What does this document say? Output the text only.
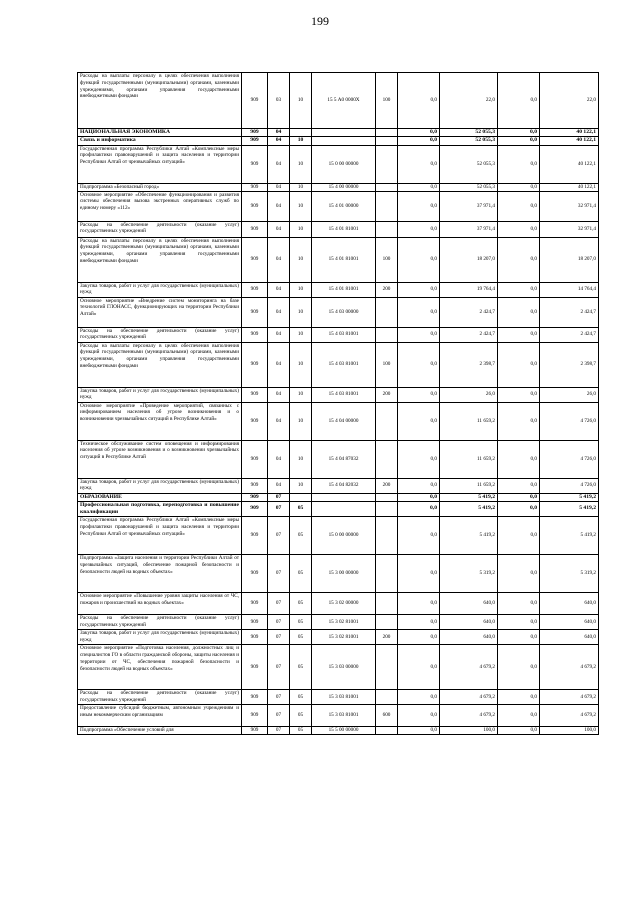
199
Расходы на выплаты персоналу в целях обеспечения выполнения функций государственными (муниципальными) органами, казенными учреждениями, органами управления государственными внебюджетными фондами	909	03	10	15 5 А0 0000Х	100	0,0	22,0	0,0	22,0
НАЦИОНАЛЬНАЯ ЭКОНОМИКА	909	04				0,0	52 055,3	0,0	40 122,1
Связь и информатика	909	04	10			0,0	52 055,3	0,0	40 122,1
Государственная программа Республики Алтай «Комплексные меры профилактики правонарушений и защита населения и территории Республики Алтай от чрезвычайных ситуаций»	909	04	10	15 0 00 00000		0,0	52 055,3	0,0	40 122,1
Подпрограмма «Безопасный город»	909	04	10	15 4 00 00000		0,0	52 055,3	0,0	40 122,1
Основное мероприятие «Обеспечение функционирования и развития системы обеспечения вызова экстренных оперативных служб по единому номеру «112»	909	04	10	15 4 01 00000		0,0	37 971,4	0,0	32 971,4
Расходы на обеспечение деятельности (оказание услуг) государственных учреждений	909	04	10	15 4 01 81001		0,0	37 971,4	0,0	32 971,4
Расходы на выплаты персоналу в целях обеспечения выполнения функций государственными (муниципальными) органами, казенными учреждениями, органами управления государственными внебюджетными фондами	909	04	10	15 4 01 81001	100	0,0	18 207,0	0,0	18 207,0
Закупка товаров, работ и услуг для государственных (муниципальных) нужд	909	04	10	15 4 01 81001	200	0,0	19 764,4	0,0	14 764,4
Основное мероприятие «Внедрение систем мониторинга на базе технологий ГЛОНАСС, функционирующих на территории Республики Алтай»	909	04	10	15 4 03 00000		0,0	2 424,7	0,0	2 424,7
Расходы на обеспечение деятельности (оказание услуг) государственных учреждений	909	04	10	15 4 03 81001		0,0	2 424,7	0,0	2 424,7
Расходы на выплаты персоналу в целях обеспечения выполнения функций государственными (муниципальными) органами, казенными учреждениями, органами управления государственными внебюджетными фондами	909	04	10	15 4 03 81001	100	0,0	2 398,7	0,0	2 398,7
Закупка товаров, работ и услуг для государственных (муниципальных) нужд	909	04	10	15 4 03 81001	200	0,0	26,0	0,0	26,0
Основное мероприятие «Проведение мероприятий, связанных с информированием населения об угрозе возникновения и о возникновении чрезвычайных ситуаций в Республике Алтай»	909	04	10	15 4 04 00000		0,0	11 659,2	0,0	4 726,0
Техническое обслуживание систем оповещения и информирования населения об угрозе возникновения и о возникновении чрезвычайных ситуаций в Республике Алтай	909	04	10	15 4 04 87032		0,0	11 659,2	0,0	4 726,0
Закупка товаров, работ и услуг для государственных (муниципальных) нужд	909	04	10	15 4 04 82032	200	0,0	11 659,2	0,0	4 726,0
ОБРАЗОВАНИЕ	909	07				0,0	5 419,2	0,0	5 419,2
Профессиональная подготовка, переподготовка и повышение квалификации	909	07	05			0,0	5 419,2	0,0	5 419,2
Государственная программа Республики Алтай «Комплексные меры профилактики правонарушений и защита населения и территории Республики Алтай от чрезвычайных ситуаций»	909	07	05	15 0 00 00000		0,0	5 419,2	0,0	5 419,2
Подпрограмма «Защита населения и территории Республики Алтай от чрезвычайных ситуаций, обеспечение пожарной безопасности и безопасности людей на водных объектах»	909	07	05	15 3 00 00000		0,0	5 319,2	0,0	5 319,2
Основное мероприятие «Повышение уровня защиты населения от ЧС, пожаров и происшествий на водных объектах»	909	07	05	15 3 02 00000		0,0	640,0	0,0	640,0
Расходы на обеспечение деятельности (оказание услуг) государственных учреждений	909	07	05	15 3 02 81001		0,0	640,0	0,0	640,0
Закупка товаров, работ и услуг для государственных (муниципальных) нужд	909	07	05	15 3 02 81001	200	0,0	640,0	0,0	640,0
Основное мероприятие «Подготовка населения, должностных лиц и специалистов ГО в области гражданской обороны, защиты населения и территории от ЧС, обеспечения пожарной безопасности и безопасности людей на водных объектах»	909	07	05	15 3 03 00000		0,0	4 679,2	0,0	4 679,2
Расходы на обеспечение деятельности (оказание услуг) государственных учреждений	909	07	05	15 3 03 81001		0,0	4 679,2	0,0	4 679,2
Предоставление субсидий бюджетным, автономным учреждениям и иным некоммерческим организациям	909	07	05	15 3 03 81001	600	0,0	4 679,2	0,0	4 679,2
Подпрограмма «Обеспечение условий для	909	07	05	15 5 00 00000		0,0	100,0	0,0	100,0
